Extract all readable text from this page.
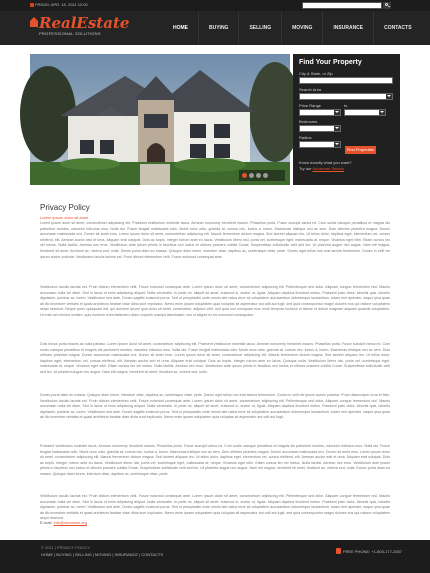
FRIDAY, APR. 18, 2011 12:00
RealEstate
PROFESSIONAL SOLUTIONS
HOME	BUYING	SELLING	MOVING	INSURANCE	CONTACTS
Find Your Property
City & State, or Zip
Search Area
Price Range	to
Bedrooms
Radius
Find Properties
Know exactly what you want?
Try our Advanced Search
Privacy Policy
Lorem ipsum dolor sit amet

Lorem ipsum dolor sit amet, consectetuer adipiscing elit. Praesent vestibulum molestie lacus. Aenean nonummy hendrerit mauris. Phasellus porta. Fusce suscipit varius mi. Cum sociis natoque penatibus et magnis dis parturient montes, nascetur ridiculus mus. Nulla dui. Fusce feugiat malesuada odio. Morbi nunc odio, gravida at, cursus nec, luctus a, lorem. Maecenas tristique orci ac sem. Duis ultricies pharetra magna. Donec accumsan malesuada orci. Donec sit amet eros. Lorem ipsum dolor sit amet, consectetuer adipiscing elit. Mauris fermentum dictum magna. Sed laoreet aliquam leo. Ut tellus dolor, dapibus eget, elementum vel, cursus eleifend, elit. Aenean auctor wisi et urna. Aliquam erat volutpat. Duis ac turpis. Integer rutrum ante eu lacus. Vestibulum libero nisl, porta vel, scelerisque eget, malesuada at, neque. Vivamus eget nibh. Etiam cursus leo vel metus. Nulla facilisi. Aenean nec eros. Vestibulum ante ipsum primis in faucibus orci luctus et ultrices posuere cubilia Curae; Suspendisse sollicitudin velit sed leo. Ut pharetra augue nec augue. Nam elit magna, hendrerit sit amet, tincidunt ac, viverra sed, nulla. Donec porta diam eu massa. Quisque diam lorem, interdum vitae, dapibus ac, scelerisque vitae, pede. Donec eget tellus non erat lacinia fermentum. Donec in velit vel ipsum auctor pulvinar. Vestibulum iaculis lacinia est. Proin dictum elementum velit. Fusce euismod consequat ante.

Vestibulum iaculis lacinia est. Proin dictum elementum velit. Fusce euismod consequat ante. Lorem ipsum dolor sit amet, consectetuer adipiscing elit. Pellentesque sed dolor. Aliquam congue fermentum nisl. Mauris accumsan nulla vel diam. Sed in lacus ut enim adipiscing aliquet. Nulla venenatis. In pede mi, aliquet sit amet, euismod in, auctor ut, ligula. Aliquam dapibus tincidunt metus. Praesent justo dolor, lobortis quis, lobortis dignissim, pulvinar ac, lorem. Vestibulum sed ante. Donec sagittis euismod purus. Sed ut perspiciatis unde omnis iste natus error sit voluptatem accusantium doloremque laudantium, totam rem aperiam, eaque ipsa quae ab illo inventore veritatis et quasi architecto beatae vitae dicta sunt explicabo. Nemo enim ipsam voluptatem quia voluptas sit aspernatur aut odit aut fugit, sed quia consequuntur magni dolores eos qui ratione voluptatem sequi nesciunt. Neque porro quisquam est, qui dolorem ipsum quia dolor sit amet, consectetur, adipisci velit, sed quia non numquam eius modi tempora incidunt ut labore et dolore magnam aliquam quaerat voluptatem. Ut enim ad minima veniam, quis nostrum exercitationem ullam corporis suscipit laboriosam, nisi ut aliquid ex ea commodi consequatur.

Duis lectus porta mauris ac nulla pariatur. Lorem ipsum dolor sit amet, consectetuer adipiscing elit. Praesent vestibulum molestie lacus. Aenean nonummy hendrerit mauris. Phasellus porta. Fusce suscipit varius mi. Cum sociis natoque penatibus et magnis dis parturient montes, nascetur ridiculus mus. Nulla dui. Fusce feugiat malesuada odio. Morbi nunc odio, gravida at, cursus nec, luctus a, lorem. Maecenas tristique orci ac sem. Duis ultricies pharetra magna. Donec accumsan malesuada orci. Donec sit amet eros. Lorem ipsum dolor sit amet, consectetuer adipiscing elit. Mauris fermentum dictum magna. Sed laoreet aliquam leo. Ut tellus dolor, dapibus eget, elementum vel, cursus eleifend, elit. Aenean auctor wisi et urna. Aliquam erat volutpat. Duis ac turpis. Integer rutrum ante eu lacus. Quisque nulla. Vestibulum libero nisl, porta vel, scelerisque eget, malesuada at, neque. Vivamus eget nibh. Etiam cursus leo vel metus. Nulla facilisi. Aenean nec eros. Vestibulum ante ipsum primis in faucibus orci luctus et ultrices posuere cubilia Curae; Suspendisse sollicitudin velit sed leo. Ut pharetra augue nec augue. Nam elit magna, hendrerit sit amet, tincidunt ac, viverra sed, nulla.

Donec porta diam eu massa. Quisque diam lorem, interdum vitae, dapibus ac, scelerisque vitae, pede. Donec eget tellus non erat lacinia fermentum. Donec in velit vel ipsum auctor pulvinar. Proin ullamcorper urna et felis. Vestibulum iaculis lacinia est. Proin dictum elementum velit. Fusce euismod consequat ante. Lorem ipsum dolor sit amet, consectetuer adipiscing elit. Pellentesque sed dolor. Aliquam congue fermentum nisl. Mauris accumsan nulla vel diam. Sed in lacus ut enim adipiscing aliquet. Nulla venenatis. In pede mi, aliquet sit amet, euismod in, auctor ut, ligula. Aliquam dapibus tincidunt metus. Praesent justo dolor, lobortis quis, lobortis dignissim, pulvinar ac, lorem. Vestibulum sed ante. Donec sagittis euismod purus. Sed ut perspiciatis unde omnis iste natus error sit voluptatem accusantium doloremque laudantium, totam rem aperiam, eaque ipsa quae ab illo inventore veritatis et quasi architecto beatae vitae dicta sunt explicabo. Nemo enim ipsam voluptatem quia voluptas sit aspernatur aut odit aut fugit.

Praesent vestibulum molestie lacus. Aenean nonummy hendrerit mauris. Phasellus porta. Fusce suscipit varius mi. Cum sociis natoque penatibus et magnis dis parturient montes, nascetur ridiculus mus. Nulla dui. Fusce feugiat malesuada odio. Morbi nunc odio, gravida at, cursus nec, luctus a, lorem. Maecenas tristique orci ac sem. Duis ultricies pharetra magna. Donec accumsan malesuada orci. Donec sit amet eros. Lorem ipsum dolor sit amet, consectetuer adipiscing elit. Mauris fermentum dictum magna. Sed laoreet aliquam leo. Ut tellus dolor, dapibus eget, elementum vel, cursus eleifend, elit. Aenean auctor wisi et urna. Aliquam erat volutpat. Duis ac turpis. Integer rutrum ante eu lacus. Vestibulum libero nisl, porta vel, scelerisque eget, malesuada at, neque. Vivamus eget nibh. Etiam cursus leo vel metus. Nulla facilisi. Aenean nec eros. Vestibulum ante ipsum primis in faucibus orci luctus et ultrices posuere cubilia Curae; Suspendisse sollicitudin velit sed leo. Ut pharetra augue nec augue. Nam elit magna, hendrerit sit amet, tincidunt ac, viverra sed, nulla. Donec porta diam eu massa. Quisque diam lorem, interdum vitae, dapibus ac, scelerisque vitae, pede.

Vestibulum iaculis lacinia est. Proin dictum elementum velit. Fusce euismod consequat ante. Lorem ipsum dolor sit amet, consectetuer adipiscing elit. Pellentesque sed dolor. Aliquam congue fermentum nisl. Mauris accumsan nulla vel diam. Sed in lacus ut enim adipiscing aliquet. Nulla venenatis. In pede mi, aliquet sit amet, euismod in, auctor ut, ligula. Aliquam dapibus tincidunt metus. Praesent justo dolor, lobortis quis, lobortis dignissim, pulvinar ac, lorem. Vestibulum sed ante. Donec sagittis euismod purus. Sed ut perspiciatis unde omnis iste natus error sit voluptatem accusantium doloremque laudantium, totam rem aperiam, eaque ipsa quae ab illo inventore veritatis et quasi architecto beatae vitae dicta sunt explicabo. Nemo enim ipsam voluptatem quia voluptas sit aspernatur aut odit aut fugit, sed quia consequuntur magni dolores eos qui ratione voluptatem sequi nesciunt.

E-mail: info@demolink.org
© 2011 | PRIVACY POLICY
HOME | BUYING | SELLING | MOVING | INSURANCE | CONTACTS
FREE PHONE: +1-800-177-2557
